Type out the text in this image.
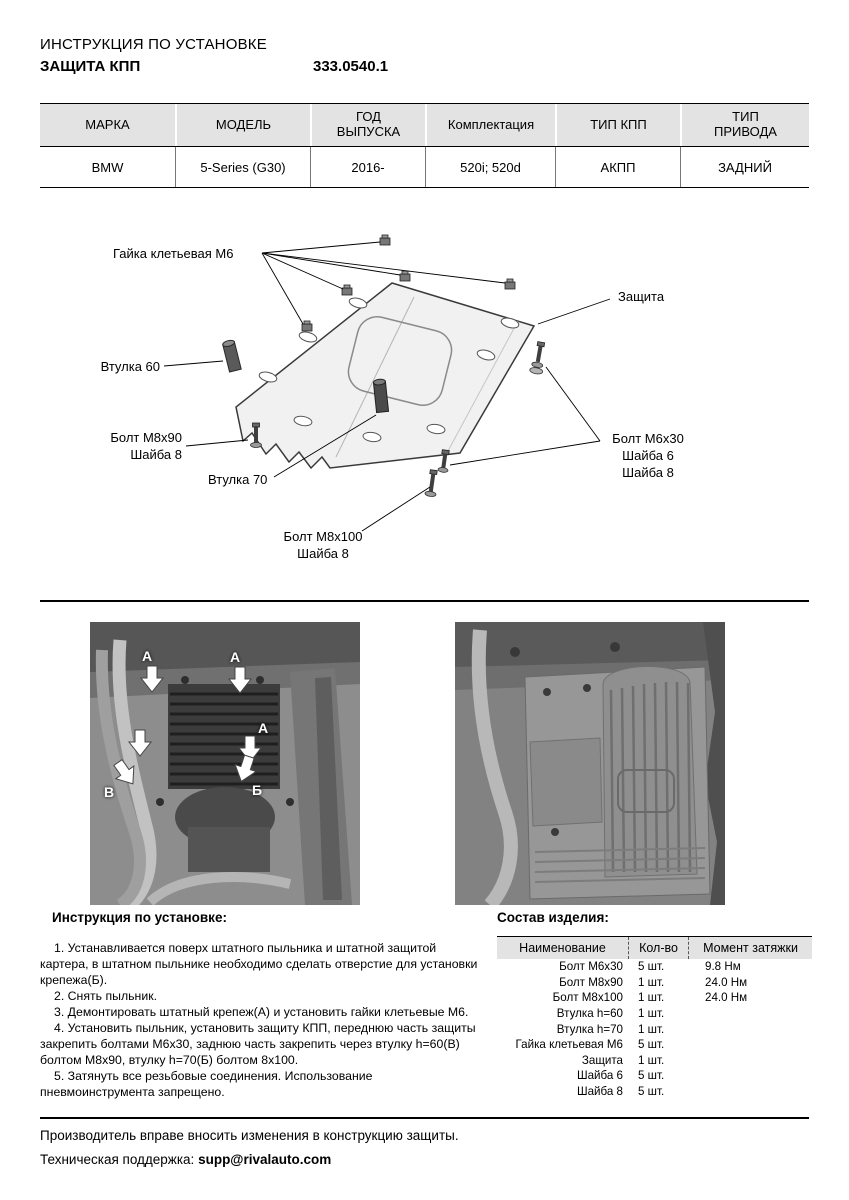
ИНСТРУКЦИЯ ПО УСТАНОВКЕ
ЗАЩИТА КПП	333.0540.1
МАРКА	МОДЕЛЬ	ГОД ВЫПУСКА	Комплектация	ТИП КПП	ТИП ПРИВОДА
BMW	5-Series (G30)	2016-	520i; 520d	АКПП	ЗАДНИЙ
Гайка клетьевая М6
Защита
Втулка 60
Болт М8х90
Шайба 8
Втулка 70
Болт М6х30
Шайба 6
Шайба 8
Болт М8х100
Шайба 8
А	А
А
В	Б
Инструкция по установке:

1. Устанавливается поверх штатного пыльника и штатной защитой картера, в штатном пыльнике необходимо сделать отверстие для установки крепежа(Б).

2. Снять пыльник.

3. Демонтировать штатный крепеж(А) и установить гайки клетьевые М6.

4. Установить пыльник, установить защиту КПП, переднюю часть защиты закрепить болтами М6х30, заднюю часть закрепить через втулку h=60(В) болтом М8х90, втулку h=70(Б) болтом 8х100.

5. Затянуть все резьбовые соединения. Использование пневмоинструмента запрещено.

Состав изделия:
Наименование	Кол-во	Момент затяжки
Болт М6х30	5 шт.	9.8 Нм
Болт М8х90	1 шт.	24.0 Нм
Болт М8х100	1 шт.	24.0 Нм
Втулка h=60	1 шт.
Втулка h=70	1 шт.
Гайка клетьевая М6	5 шт.
Защита	1 шт.
Шайба 6	5 шт.
Шайба 8	5 шт.
Производитель вправе вносить изменения в конструкцию защиты.
Техническая поддержка: supp@rivalauto.com
